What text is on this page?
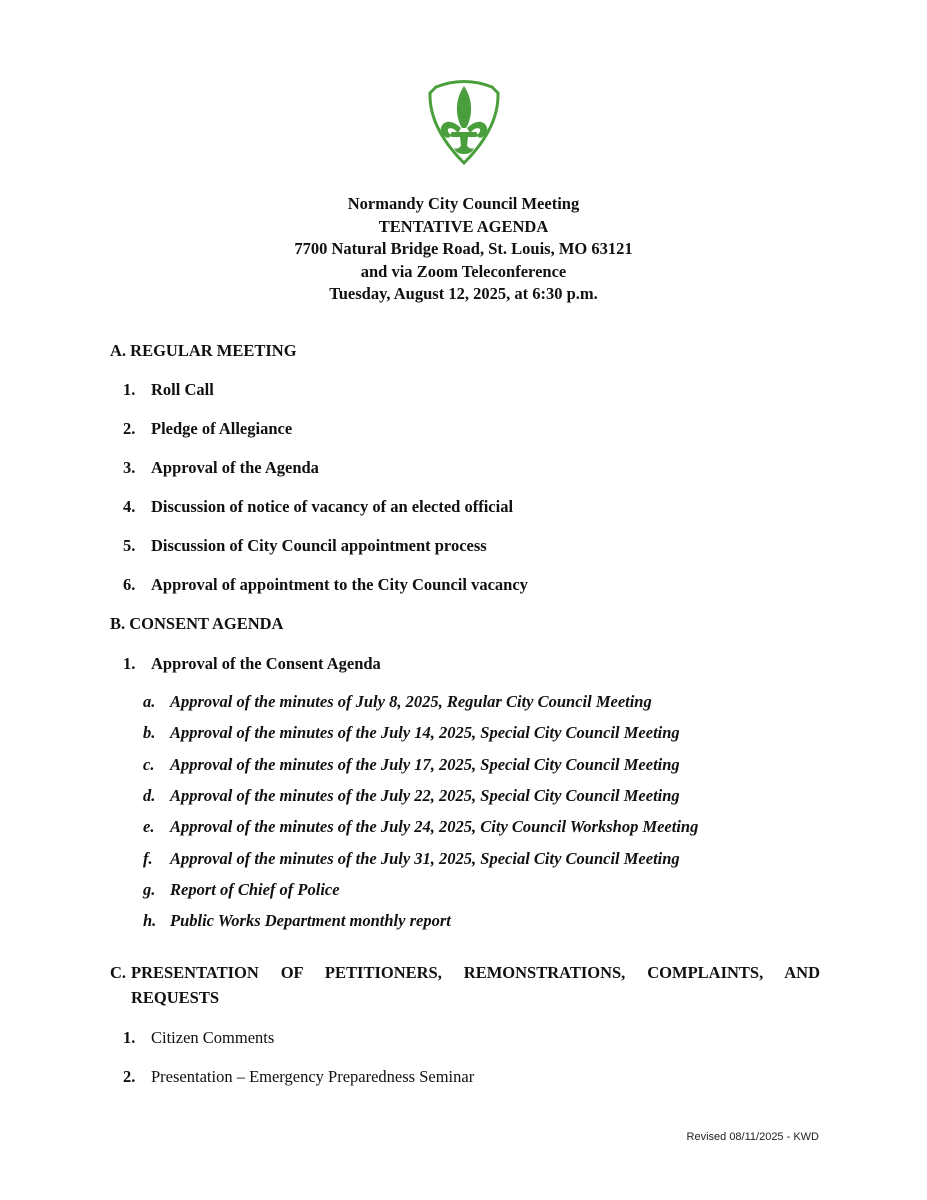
Normandy City Council Meeting
TENTATIVE AGENDA
7700 Natural Bridge Road, St. Louis, MO 63121
and via Zoom Teleconference
Tuesday, August 12, 2025, at 6:30 p.m.
A. REGULAR MEETING
1. Roll Call
2. Pledge of Allegiance
3. Approval of the Agenda
4. Discussion of notice of vacancy of an elected official
5. Discussion of City Council appointment process
6. Approval of appointment to the City Council vacancy
B. CONSENT AGENDA
1. Approval of the Consent Agenda
a. Approval of the minutes of July 8, 2025, Regular City Council Meeting
b. Approval of the minutes of the July 14, 2025, Special City Council Meeting
c. Approval of the minutes of the July 17, 2025, Special City Council Meeting
d. Approval of the minutes of the July 22, 2025, Special City Council Meeting
e. Approval of the minutes of the July 24, 2025, City Council Workshop Meeting
f. Approval of the minutes of the July 31, 2025, Special City Council Meeting
g. Report of Chief of Police
h. Public Works Department monthly report
C. PRESENTATION OF PETITIONERS, REMONSTRATIONS, COMPLAINTS, AND REQUESTS
1. Citizen Comments
2. Presentation – Emergency Preparedness Seminar
Revised 08/11/2025 - KWD
